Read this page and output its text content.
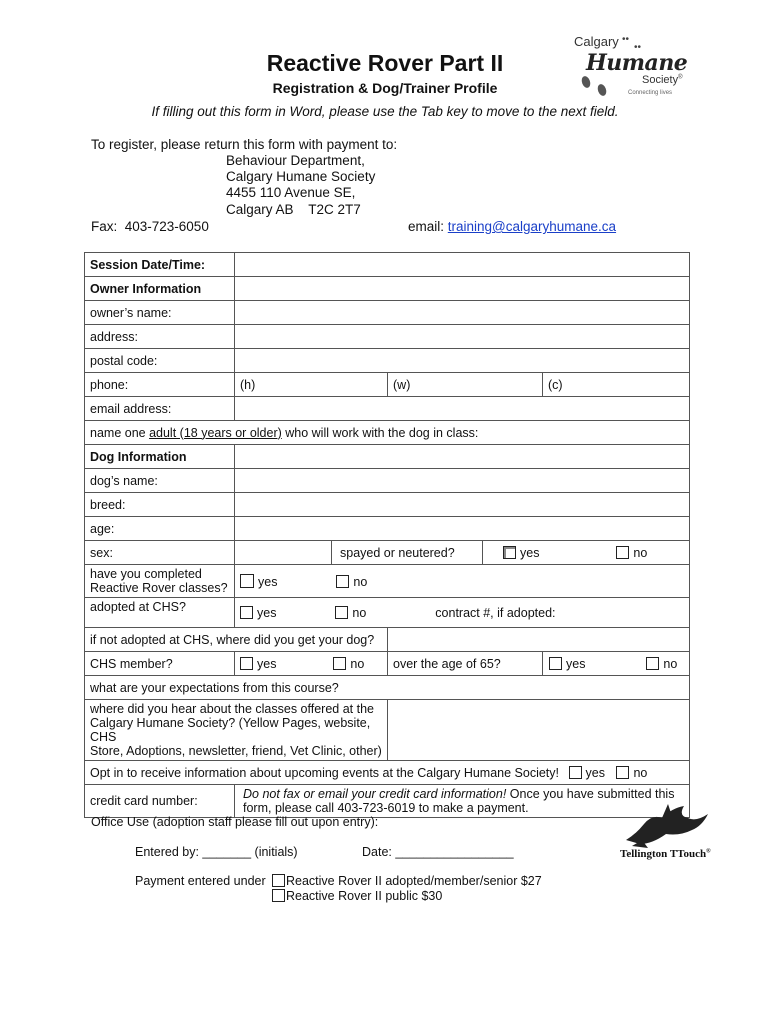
Reactive Rover Part II
Registration & Dog/Trainer Profile
If filling out this form in Word, please use the Tab key to move to the next field.
Calgary ••
••
Humane
Society®
Connecting lives
To register, please return this form with payment to:
Behaviour Department,
Calgary Humane Society
4455 110 Avenue SE,
Calgary AB    T2C 2T7
Fax:  403-723-6050	email: training@calgaryhumane.ca
Session Date/Time:					
Owner Information					
owner’s name:					
address:					
postal code:					
phone:	(h)		(w)		(c)
email address:					
name one adult (18 years or older) who will work with the dog in class:					
Dog Information					
dog’s name:					
breed:					
age:					
sex:		spayed or neutered?		yes no	
have you completed
Reactive Rover classes?	yes no				
adopted at CHS?	yes no contract #, if adopted:				
if not adopted at CHS, where did you get your dog?					
CHS member?	yes no		over the age of 65?		yes no
what are your expectations from this course?					
where did you hear about the classes offered at the
Calgary Humane Society? (Yellow Pages, website, CHS
Store, Adoptions, newsletter, friend, Vet Clinic, other)					
Opt in to receive information about upcoming events at the Calgary Humane Society! yes no					
credit card number:	Do not fax or email your credit card information! Once you have submitted this
form, please call 403-723-6019 to make a payment.				
Office Use (adoption staff please fill out upon entry):
Entered by: _______ (initials)	Date: _________________
Payment entered under	Reactive Rover II adopted/member/senior $27
Reactive Rover II public $30
Tellington TTouch®
